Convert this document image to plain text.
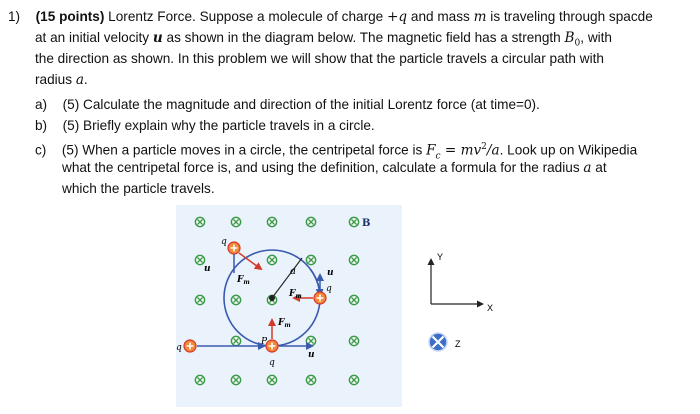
1) (15 points) Lorentz Force. Suppose a molecule of charge +q and mass m is traveling through spacde
at an initial velocity u as shown in the diagram below. The magnetic field has a strength $B_0$, with
the direction as shown. In this problem we will show that the particle travels a circular path with
radius a.
a) (5) Calculate the magnitude and direction of the initial Lorentz force (at time=0).
b) (5) Briefly explain why the particle travels in a circle.
c) (5) When a particle moves in a circle, the centripetal force is $F_c = mv^2/a$. Look up on Wikipedia
what the centripetal force is, and using the definition, calculate a formula for the radius a at
which the particle travels.
B
a
q
u
$F_m$
q
u
$F_m$
P
q
$F_m$
u
q
Y
X
Z
